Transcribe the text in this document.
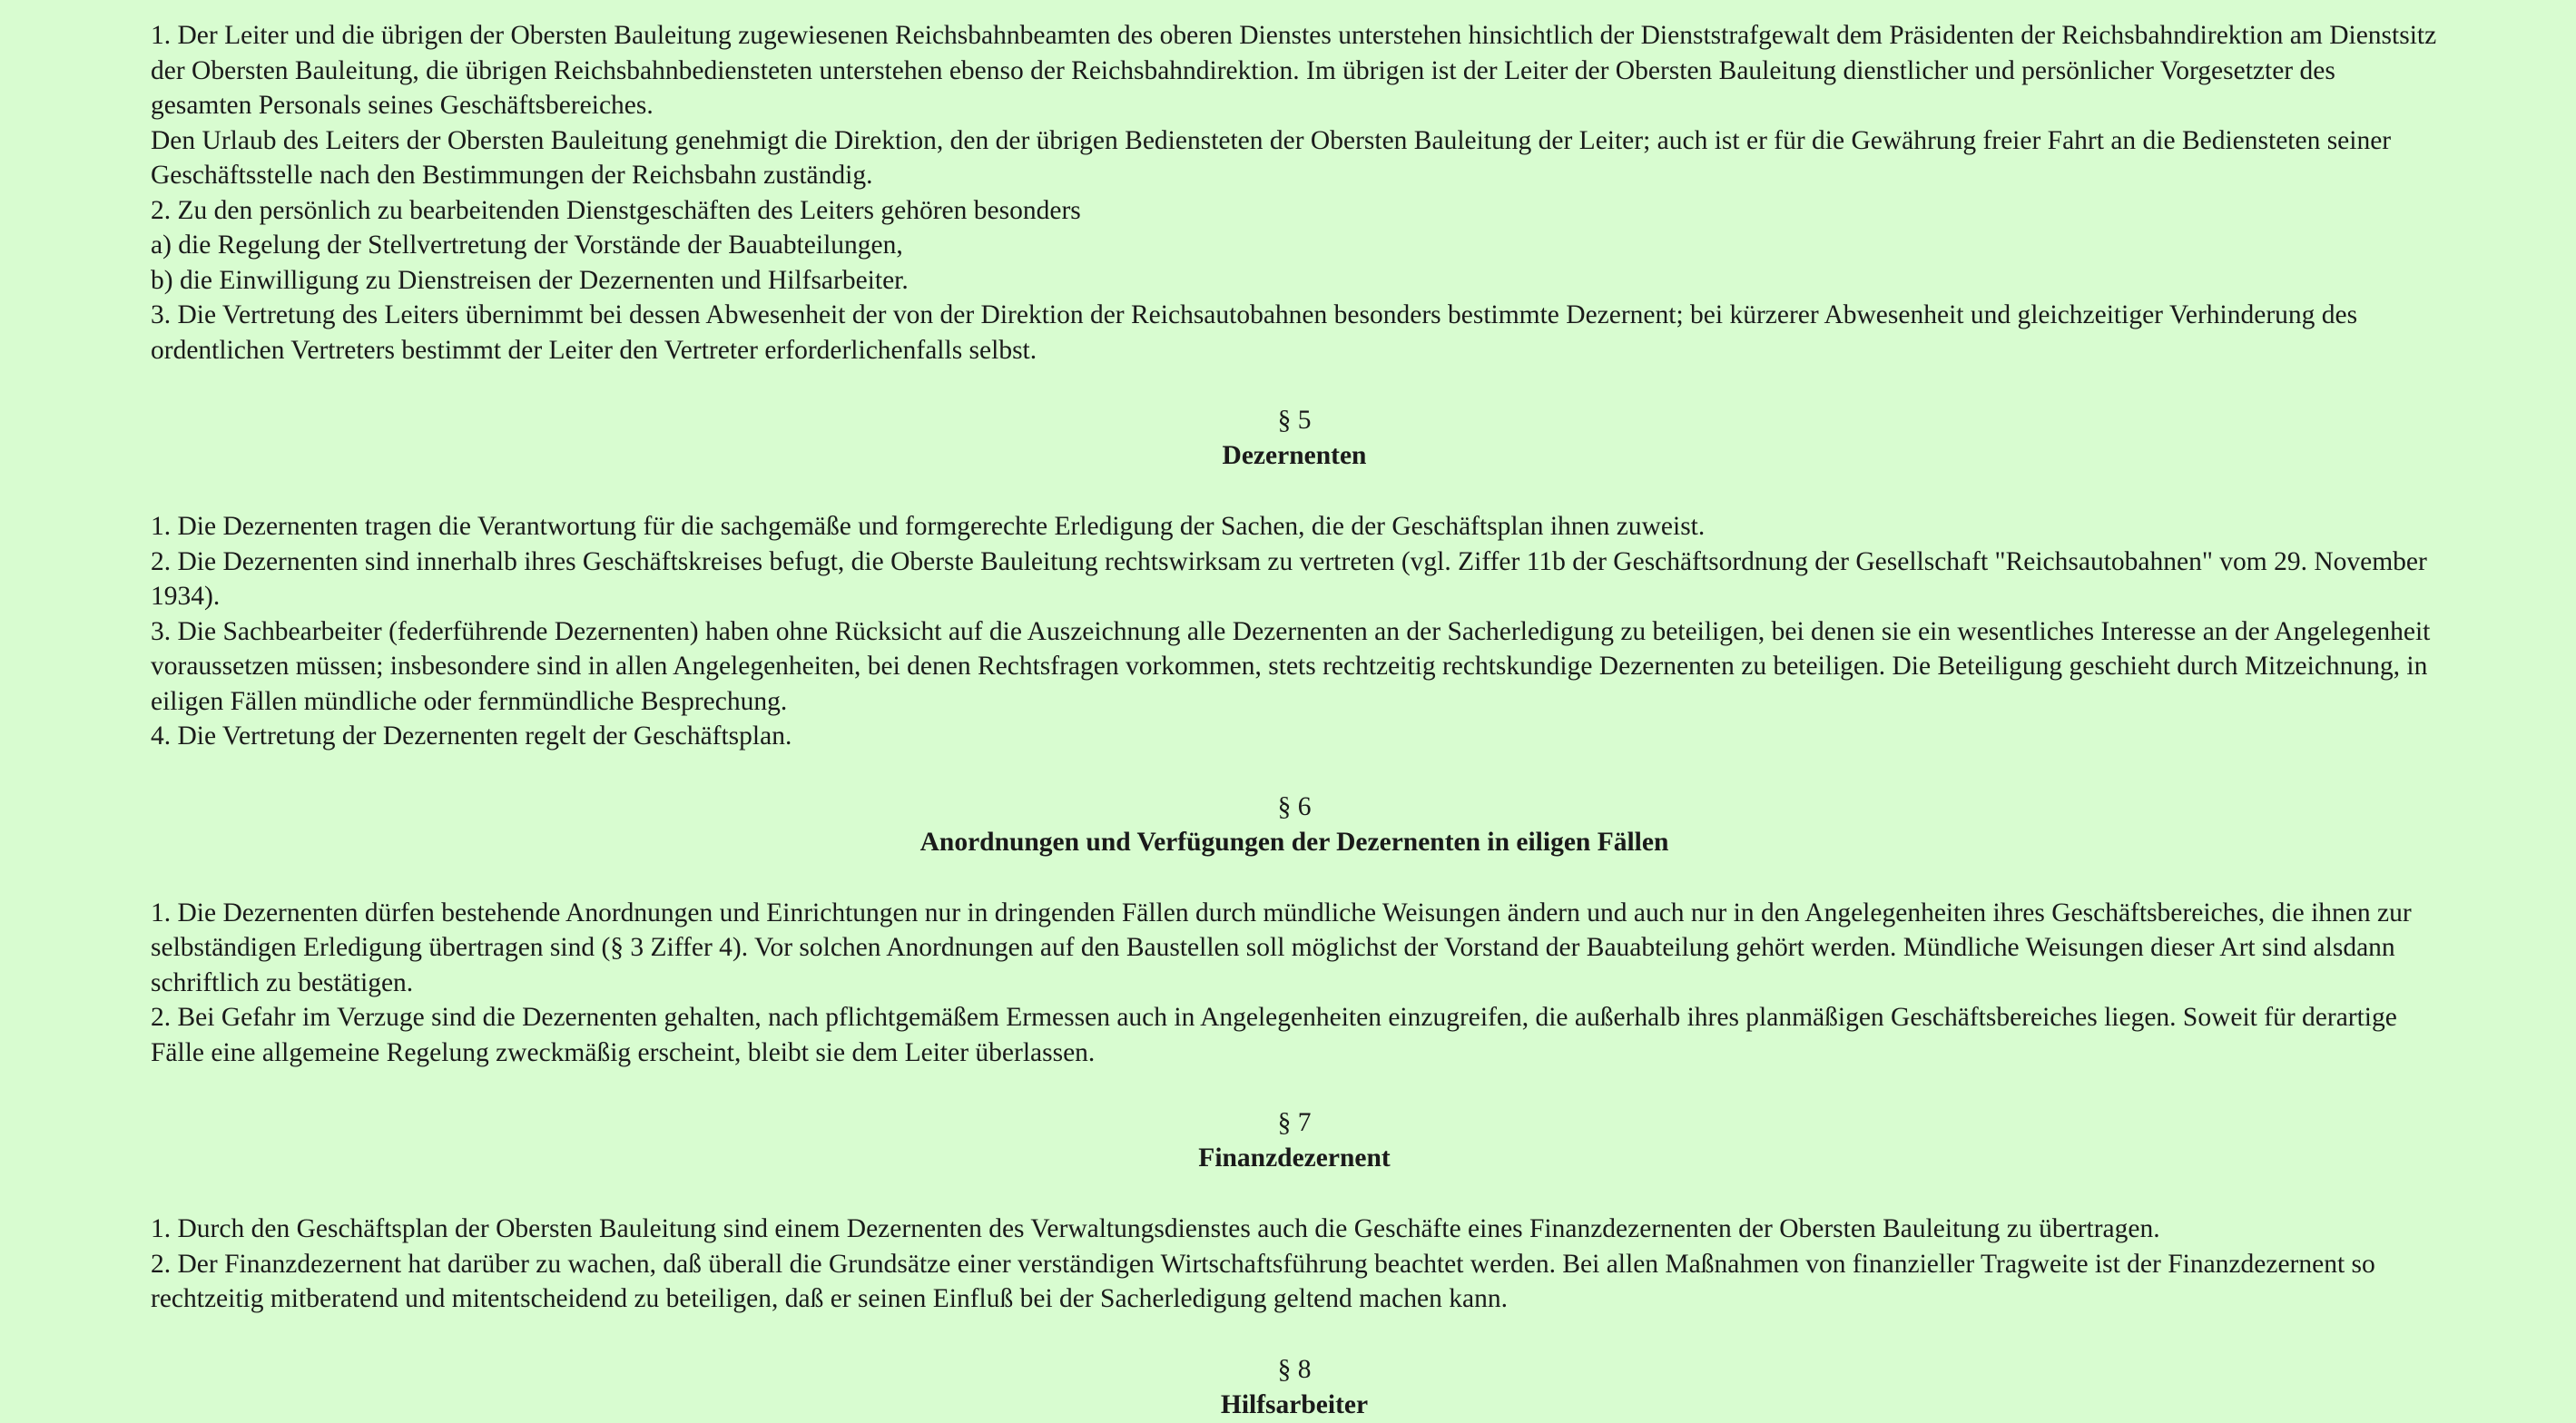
1. Der Leiter und die übrigen der Obersten Bauleitung zugewiesenen Reichsbahnbeamten des oberen Dienstes unterstehen hinsichtlich der Dienststrafgewalt dem Präsidenten der Reichsbahndirektion am Dienstsitz der Obersten Bauleitung, die übrigen Reichsbahnbediensteten unterstehen ebenso der Reichsbahndirektion. Im übrigen ist der Leiter der Obersten Bauleitung dienstlicher und persönlicher Vorgesetzter des gesamten Personals seines Geschäftsbereiches.

Den Urlaub des Leiters der Obersten Bauleitung genehmigt die Direktion, den der übrigen Bediensteten der Obersten Bauleitung der Leiter; auch ist er für die Gewährung freier Fahrt an die Bediensteten seiner Geschäftsstelle nach den Bestimmungen der Reichsbahn zuständig.

2. Zu den persönlich zu bearbeitenden Dienstgeschäften des Leiters gehören besonders

a) die Regelung der Stellvertretung der Vorstände der Bauabteilungen,

b) die Einwilligung zu Dienstreisen der Dezernenten und Hilfsarbeiter.

3. Die Vertretung des Leiters übernimmt bei dessen Abwesenheit der von der Direktion der Reichsautobahnen besonders bestimmte Dezernent; bei kürzerer Abwesenheit und gleichzeitiger Verhinderung des ordentlichen Vertreters bestimmt der Leiter den Vertreter erforderlichenfalls selbst.

§ 5
Dezernenten

1. Die Dezernenten tragen die Verantwortung für die sachgemäße und formgerechte Erledigung der Sachen, die der Geschäftsplan ihnen zuweist.

2. Die Dezernenten sind innerhalb ihres Geschäftskreises befugt, die Oberste Bauleitung rechtswirksam zu vertreten (vgl. Ziffer 11b der Geschäftsordnung der Gesellschaft "Reichsautobahnen" vom 29. November 1934).

3. Die Sachbearbeiter (federführende Dezernenten) haben ohne Rücksicht auf die Auszeichnung alle Dezernenten an der Sacherledigung zu beteiligen, bei denen sie ein wesentliches Interesse an der Angelegenheit voraussetzen müssen; insbesondere sind in allen Angelegenheiten, bei denen Rechtsfragen vorkommen, stets rechtzeitig rechtskundige Dezernenten zu beteiligen. Die Beteiligung geschieht durch Mitzeichnung, in eiligen Fällen mündliche oder fernmündliche Besprechung.

4. Die Vertretung der Dezernenten regelt der Geschäftsplan.

§ 6
Anordnungen und Verfügungen der Dezernenten in eiligen Fällen

1. Die Dezernenten dürfen bestehende Anordnungen und Einrichtungen nur in dringenden Fällen durch mündliche Weisungen ändern und auch nur in den Angelegenheiten ihres Geschäftsbereiches, die ihnen zur selbständigen Erledigung übertragen sind (§ 3 Ziffer 4). Vor solchen Anordnungen auf den Baustellen soll möglichst der Vorstand der Bauabteilung gehört werden. Mündliche Weisungen dieser Art sind alsdann schriftlich zu bestätigen.

2. Bei Gefahr im Verzuge sind die Dezernenten gehalten, nach pflichtgemäßem Ermessen auch in Angelegenheiten einzugreifen, die außerhalb ihres planmäßigen Geschäftsbereiches liegen. Soweit für derartige Fälle eine allgemeine Regelung zweckmäßig erscheint, bleibt sie dem Leiter überlassen.

§ 7
Finanzdezernent

1. Durch den Geschäftsplan der Obersten Bauleitung sind einem Dezernenten des Verwaltungsdienstes auch die Geschäfte eines Finanzdezernenten der Obersten Bauleitung zu übertragen.

2. Der Finanzdezernent hat darüber zu wachen, daß überall die Grundsätze einer verständigen Wirtschaftsführung beachtet werden. Bei allen Maßnahmen von finanzieller Tragweite ist der Finanzdezernent so rechtzeitig mitberatend und mitentscheidend zu beteiligen, daß er seinen Einfluß bei der Sacherledigung geltend machen kann.

§ 8
Hilfsarbeiter
